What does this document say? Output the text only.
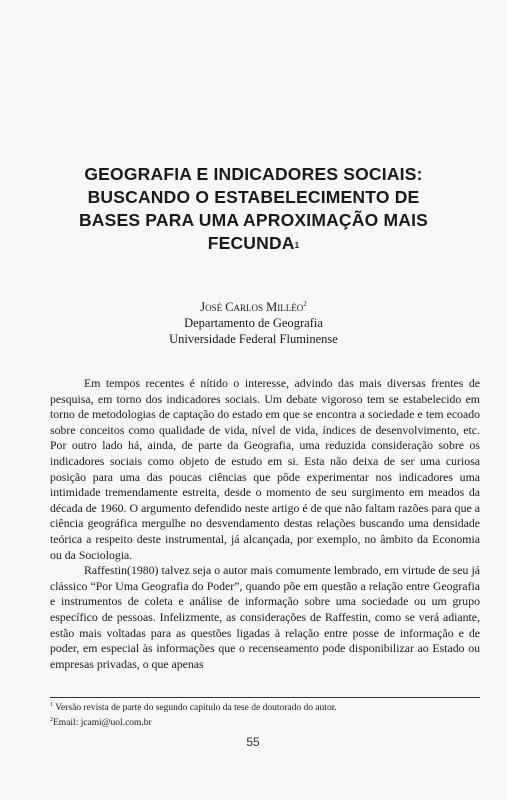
GEOGRAFIA E INDICADORES SOCIAIS:
BUSCANDO O ESTABELECIMENTO DE
BASES PARA UMA APROXIMAÇÃO MAIS
FECUNDA$^1$
José Carlos Milléo$^2$
Departamento de Geografia
Universidade Federal Fluminense

Em tempos recentes é nítido o interesse, advindo das mais diversas frentes de pesquisa, em torno dos indicadores sociais. Um debate vigoroso tem se estabelecido em torno de metodologias de captação do estado em que se encontra a sociedade e tem ecoado sobre conceitos como qualidade de vida, nível de vida, índices de desenvolvimento, etc. Por outro lado há, ainda, de parte da Geografia, uma reduzida consideração sobre os indicadores sociais como objeto de estudo em si. Esta não deixa de ser uma curiosa posição para uma das poucas ciências que pôde experimentar nos indicadores uma intimidade tremendamente estreita, desde o momento de seu surgimento em meados da década de 1960. O argumento defendido neste artigo é de que não faltam razões para que a ciência geográfica mergulhe no desvendamento destas relações buscando uma densidade teórica a respeito deste instrumental, já alcançada, por exemplo, no âmbito da Economia ou da Sociologia.

Raffestin(1980) talvez seja o autor mais comumente lembrado, em virtude de seu já clássico “Por Uma Geografia do Poder”, quando põe em questão a relação entre Geografia e instrumentos de coleta e análise de informação sobre uma sociedade ou um grupo específico de pessoas. Infelizmente, as considerações de Raffestin, como se verá adiante, estão mais voltadas para as questões ligadas à relação entre posse de informação e de poder, em especial às informações que o recenseamento pode disponibilizar ao Estado ou empresas privadas, o que apenas

$^1$ Versão revista de parte do segundo capítulo da tese de doutorado do autor.
$^2$Email: jcami@uol.com.br
55
